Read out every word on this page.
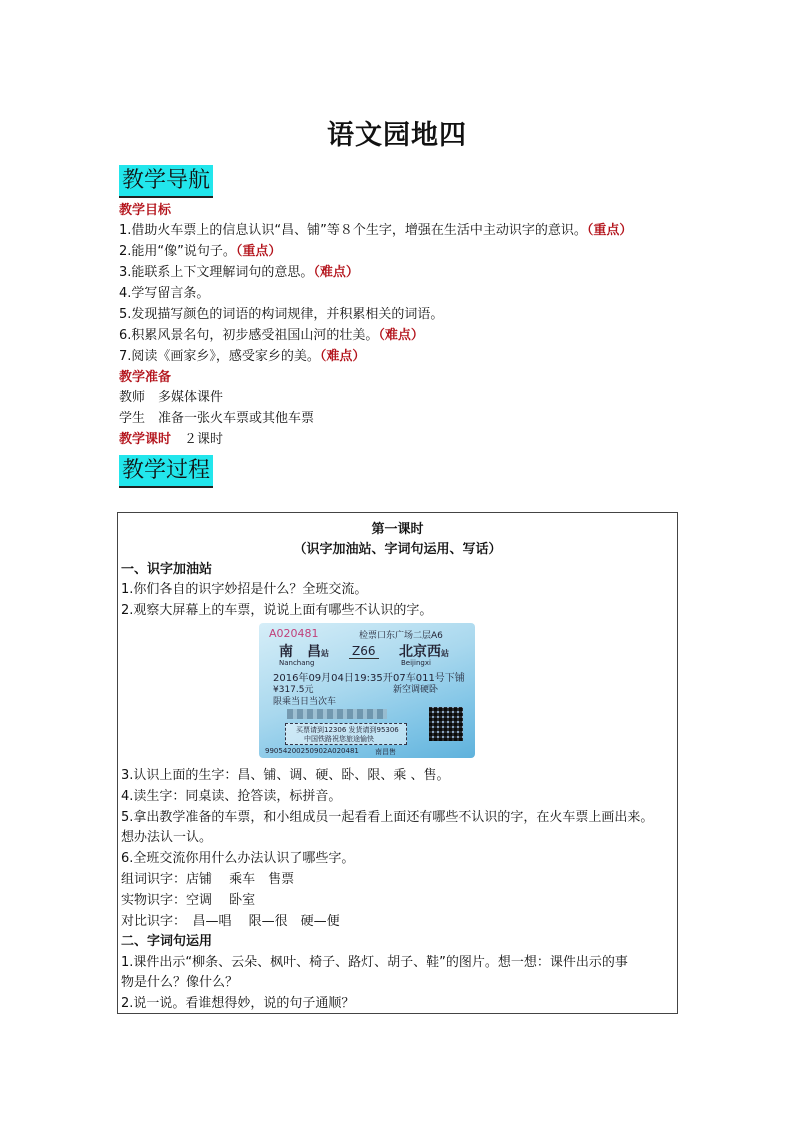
语文园地四
教学导航
教学目标
1.借助火车票上的信息认识“昌、铺”等８个生字，增强在生活中主动识字的意识。（重点）
2.能用“像”说句子。（重点）
3.能联系上下文理解词句的意思。（难点）
4.学写留言条。
5.发现描写颜色的词语的构词规律，并积累相关的词语。
6.积累风景名句，初步感受祖国山河的壮美。（难点）
7.阅读《画家乡》，感受家乡的美。（难点）
教学准备
教师　多媒体课件
学生　准备一张火车票或其他车票
教学课时　２课时
教学过程
第一课时
（识字加油站、字词句运用、写话）
一、识字加油站
1.你们各自的识字妙招是什么？全班交流。
2.观察大屏幕上的车票，说说上面有哪些不认识的字。
A020481	检票口东广场二层A6
南　昌站
Nanchang
Z66 北京西站
Beijingxi
2016年09月04日19:35开 07车011号下铺
¥317.5元	新空调硬卧
限乘当日当次车
买票请到12306 发货请到95306
中国铁路祝您旅途愉快
99054200250902A020481 南昌售
3.认识上面的生字：昌、铺、调、硬、卧、限、乘 、售。
4.读生字：同桌读、抢答读，标拼音。
5.拿出教学准备的车票，和小组成员一起看看上面还有哪些不认识的字，在火车票上画出来。
想办法认一认。
6.全班交流你用什么办法认识了哪些字。
组词识字：店铺　 乘车　售票
实物识字：空调　 卧室
对比识字：　昌—唱　 限—很　硬—便
二、字词句运用
1.课件出示“柳条、云朵、枫叶、椅子、路灯、胡子、鞋”的图片。想一想：课件出示的事
物是什么？像什么？
2.说一说。看谁想得妙，说的句子通顺？
